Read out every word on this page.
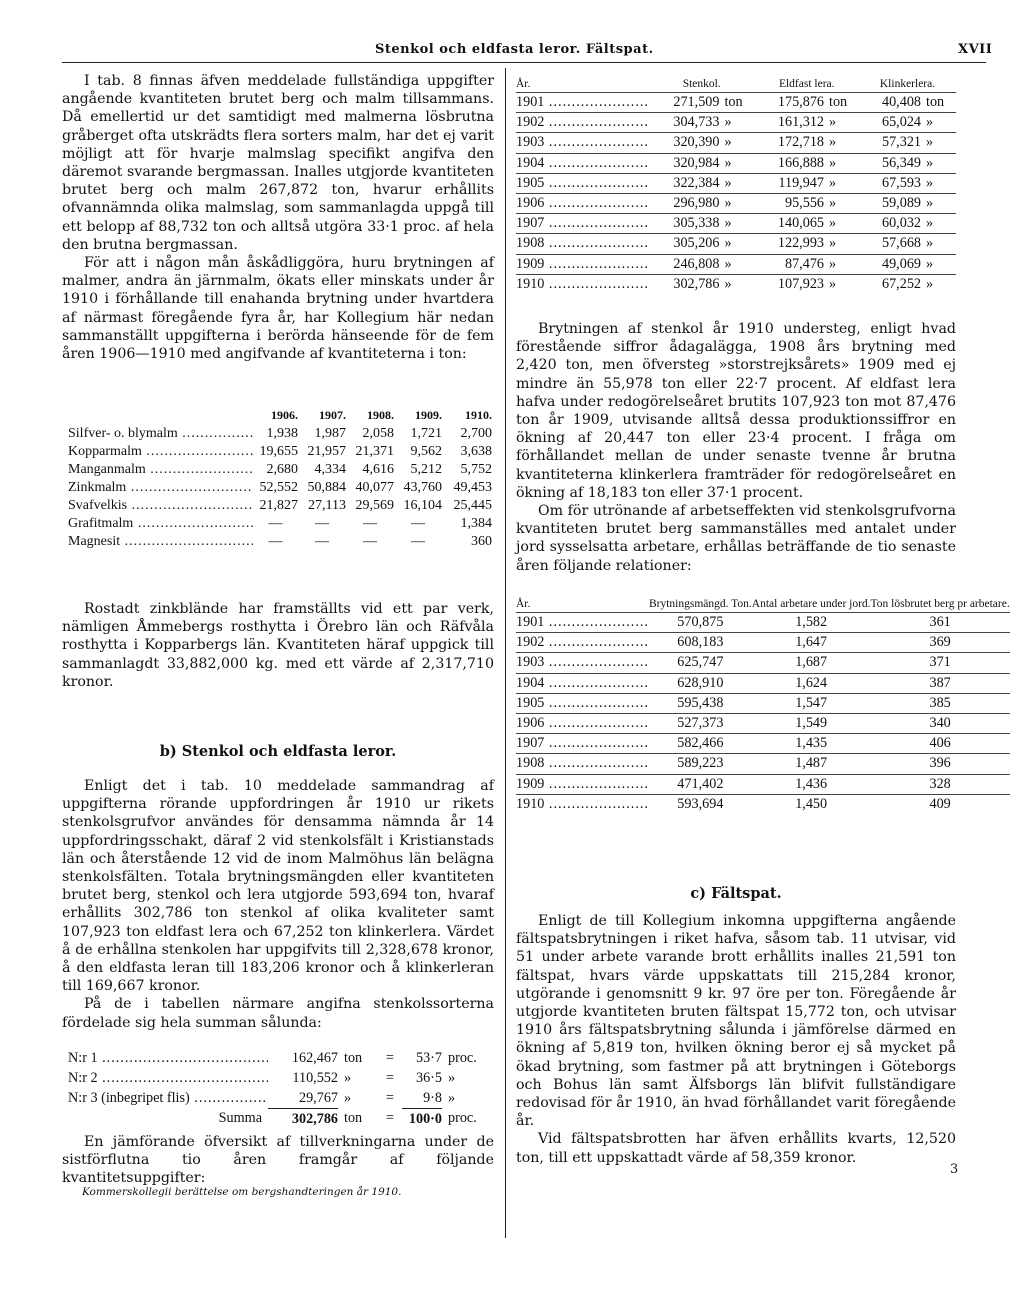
Stenkol och eldfasta leror. Fältspat.	XVII

I tab. 8 finnas äfven meddelade fullständiga uppgifter angående kvantiteten brutet berg och malm tillsammans. Då emellertid ur det samtidigt med malmerna lösbrutna gråberget ofta utskrädts flera sorters malm, har det ej varit möjligt att för hvarje malmslag specifikt angifva den däremot svarande bergmassan. Inalles utgjorde kvantiteten brutet berg och malm 267,872 ton, hvarur erhållits ofvannämnda olika malmslag, som sammanlagda uppgå till ett belopp af 88,732 ton och alltså utgöra 33·1 proc. af hela den brutna bergmassan.

För att i någon mån åskådliggöra, huru brytningen af malmer, andra än järnmalm, ökats eller minskats under år 1910 i förhållande till enahanda brytning under hvartdera af närmast föregående fyra år, har Kollegium här nedan sammanställt uppgifterna i berörda hänseende för de fem åren 1906—1910 med angifvande af kvantiteterna i ton:

	1906.	1907.	1908.	1909.	1910.
Silfver- o. blymalm .....	1,938	1,987	2,058	1,721	2,700
Kopparmalm .....	19,655	21,957	21,371	9,562	3,638
Manganmalm .....	2,680	4,334	4,616	5,212	5,752
Zinkmalm .....	52,552	50,884	40,077	43,760	49,453
Svafvelkis .....	21,827	27,113	29,569	16,104	25,445
Grafitmalm .....	—	—	—	—	1,384
Magnesit .....	—	—	—	—	360

Rostadt zinkblände har framställts vid ett par verk, nämligen Åmmebergs rosthytta i Örebro län och Räfvåla rosthytta i Kopparbergs län. Kvantiteten häraf uppgick till sammanlagdt 33,882,000 kg. med ett värde af 2,317,710 kronor.

b) Stenkol och eldfasta leror.

Enligt det i tab. 10 meddelade sammandrag af uppgifterna rörande uppfordringen år 1910 ur rikets stenkolsgrufvor användes för densamma nämnda år 14 uppfordringsschakt, däraf 2 vid stenkolsfält i Kristianstads län och återstående 12 vid de inom Malmöhus län belägna stenkolsfälten. Totala brytningsmängden eller kvantiteten brutet berg, stenkol och lera utgjorde 593,694 ton, hvaraf erhållits 302,786 ton stenkol af olika kvaliteter samt 107,923 ton eldfast lera och 67,252 ton klinkerlera. Värdet å de erhållna stenkolen har uppgifvits till 2,328,678 kronor, å den eldfasta leran till 183,206 kronor och å klinkerleran till 169,667 kronor.

På de i tabellen närmare angifna stenkolssorterna fördelade sig hela summan sålunda:

N:r 1 .....	162,467	ton	=	53·7	proc.
N:r 2 .....	110,552	»	=	36·5	»
N:r 3 (inbegripet flis) .....	29,767	»	=	9·8	»
Summa	302,786	ton	=	100·0	proc.

En jämförande öfversikt af tillverkningarna under de sistförflutna tio åren framgår af följande kvantitetsuppgifter:

Kommerskollegii berättelse om bergshandteringen år 1910.
År.	Stenkol.		Eldfast lera.		Klinkerlera.	
1901 .....	271,509	ton	175,876	ton	40,408	ton
1902 .....	304,733	»	161,312	»	65,024	»
1903 .....	320,390	»	172,718	»	57,321	»
1904 .....	320,984	»	166,888	»	56,349	»
1905 .....	322,384	»	119,947	»	67,593	»
1906 .....	296,980	»	95,556	»	59,089	»
1907 .....	305,338	»	140,065	»	60,032	»
1908 .....	305,206	»	122,993	»	57,668	»
1909 .....	246,808	»	87,476	»	49,069	»
1910 .....	302,786	»	107,923	»	67,252	»

Brytningen af stenkol år 1910 understeg, enligt hvad förestående siffror ådagalägga, 1908 års brytning med 2,420 ton, men öfversteg »storstrejksårets» 1909 med ej mindre än 55,978 ton eller 22·7 procent. Af eldfast lera hafva under redogörelseåret brutits 107,923 ton mot 87,476 ton år 1909, utvisande alltså dessa produktionssiffror en ökning af 20,447 ton eller 23·4 procent. I fråga om förhållandet mellan de under senaste tvenne år brutna kvantiteterna klinkerlera framträder för redogörelseåret en ökning af 18,183 ton eller 37·1 procent.

Om för utrönande af arbetseffekten vid stenkolsgrufvorna kvantiteten brutet berg sammanställes med antalet under jord sysselsatta arbetare, erhållas beträffande de tio senaste åren följande relationer:

År.	Brytningsmängd. Ton.	Antal arbetare under jord.	Ton lösbrutet berg pr arbetare.
1901 .....	570,875	1,582	361
1902 .....	608,183	1,647	369
1903 .....	625,747	1,687	371
1904 .....	628,910	1,624	387
1905 .....	595,438	1,547	385
1906 .....	527,373	1,549	340
1907 .....	582,466	1,435	406
1908 .....	589,223	1,487	396
1909 .....	471,402	1,436	328
1910 .....	593,694	1,450	409
c) Fältspat.

Enligt de till Kollegium inkomna uppgifterna angående fältspatsbrytningen i riket hafva, såsom tab. 11 utvisar, vid 51 under arbete varande brott erhållits inalles 21,591 ton fältspat, hvars värde uppskattats till 215,284 kronor, utgörande i genomsnitt 9 kr. 97 öre per ton. Föregående år utgjorde kvantiteten bruten fältspat 15,772 ton, och utvisar 1910 års fältspatsbrytning sålunda i jämförelse därmed en ökning af 5,819 ton, hvilken ökning beror ej så mycket på ökad brytning, som fastmer på att brytningen i Göteborgs och Bohus län samt Älfsborgs län blifvit fullständigare redovisad för år 1910, än hvad förhållandet varit föregående år.

Vid fältspatsbrotten har äfven erhållits kvarts, 12,520 ton, till ett uppskattadt värde af 58,359 kronor.

3
